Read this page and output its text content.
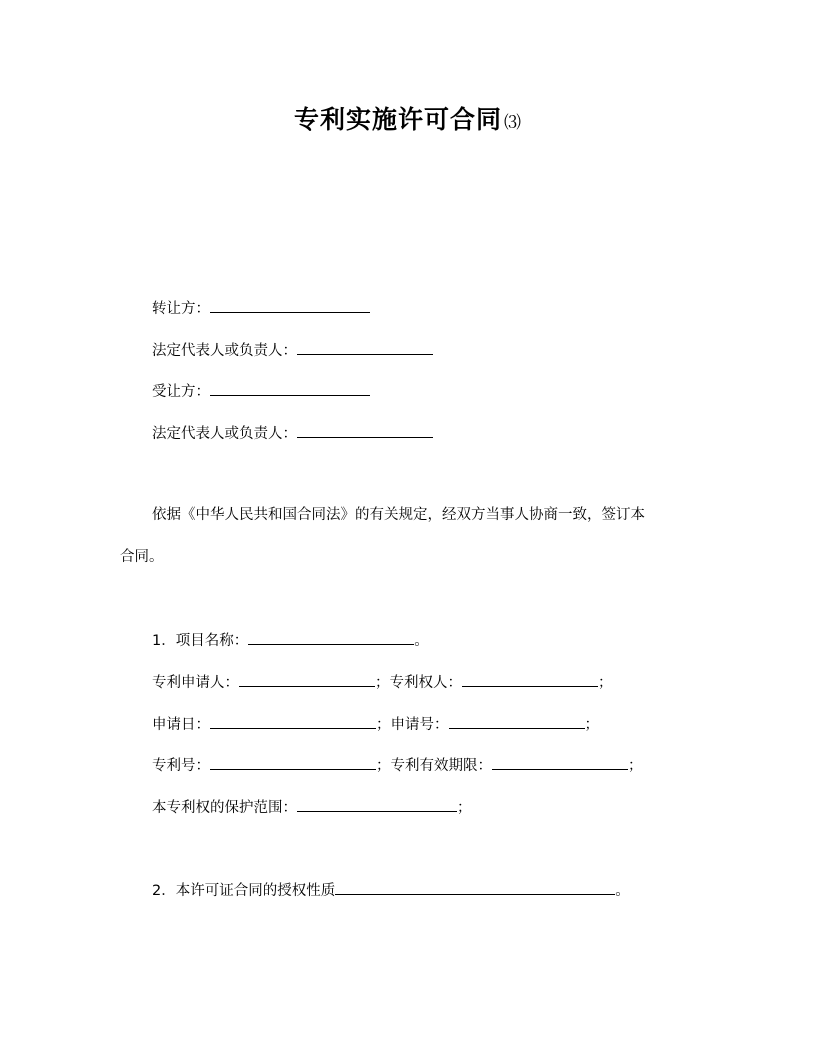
专利实施许可合同 ⑶
转让方：
法定代表人或负责人：
受让方：
法定代表人或负责人：
依据《中华人民共和国合同法》的有关规定，经双方当事人协商一致，签订本
合同。
1．项目名称：	。
专利申请人：	；专利权人：	；
申请日：	；申请号：	；
专利号：	；专利有效期限：	；
本专利权的保护范围：	；
2．本许可证合同的授权性质	。
